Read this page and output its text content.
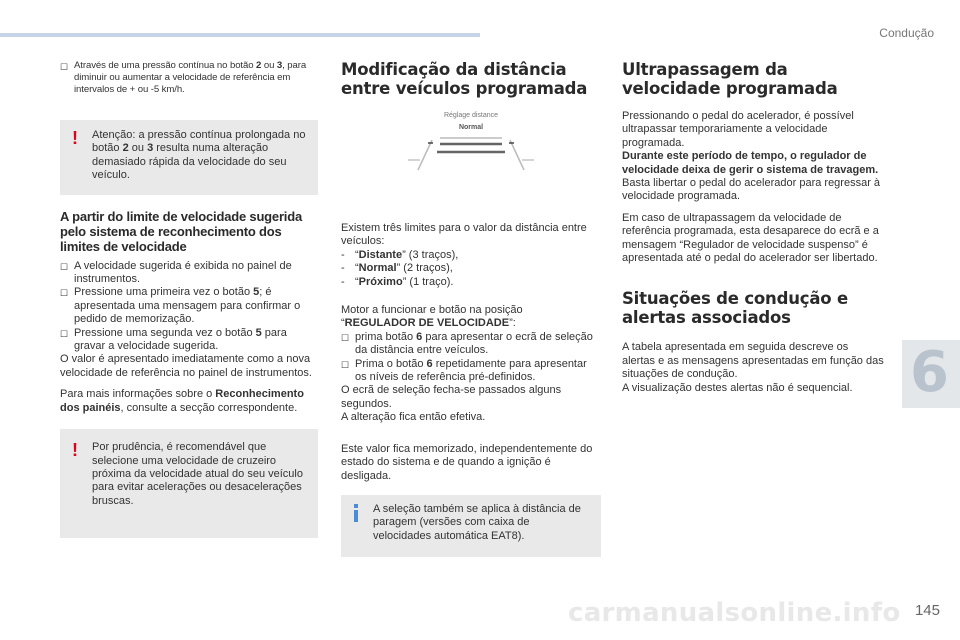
Condução
☐ Através de uma pressão contínua no botão 2 ou 3, para diminuir ou aumentar a velocidade de referência em intervalos de + ou -5 km/h.
! Atenção: a pressão contínua prolongada no botão 2 ou 3 resulta numa alteração demasiado rápida da velocidade do seu veículo.

A partir do limite de velocidade sugerida pelo sistema de reconhecimento dos limites de velocidade
☐ A velocidade sugerida é exibida no painel de instrumentos.
☐ Pressione uma primeira vez o botão 5; é apresentada uma mensagem para confirmar o pedido de memorização.
☐ Pressione uma segunda vez o botão 5 para gravar a velocidade sugerida.

O valor é apresentado imediatamente como a nova velocidade de referência no painel de instrumentos.

Para mais informações sobre o Reconhecimento dos painéis, consulte a secção correspondente.

! Por prudência, é recomendável que selecione uma velocidade de cruzeiro próxima da velocidade atual do seu veículo para evitar acelerações ou desacelerações bruscas.

Modificação da distância entre veículos programada
Réglage distance
Normal

Existem três limites para o valor da distância entre veículos:

- “Distante” (3 traços),
- “Normal” (2 traços),
- “Próximo” (1 traço).

Motor a funcionar e botão na posição
“REGULADOR DE VELOCIDADE”:

☐ prima botão 6 para apresentar o ecrã de seleção da distância entre veículos.
☐ Prima o botão 6 repetidamente para apresentar os níveis de referência pré-definidos.

O ecrã de seleção fecha-se passados alguns segundos.

A alteração fica então efetiva.

Este valor fica memorizado, independentemente do estado do sistema e de quando a ignição é desligada.

A seleção também se aplica à distância de paragem (versões com caixa de velocidades automática EAT8).

Ultrapassagem da velocidade programada

Pressionando o pedal do acelerador, é possível ultrapassar temporariamente a velocidade programada.
Durante este período de tempo, o regulador de velocidade deixa de gerir o sistema de travagem.
Basta libertar o pedal do acelerador para regressar à velocidade programada.

Em caso de ultrapassagem da velocidade de referência programada, esta desaparece do ecrã e a mensagem “Regulador de velocidade suspenso” é apresentada até o pedal do acelerador ser libertado.

Situações de condução e alertas associados

A tabela apresentada em seguida descreve os alertas e as mensagens apresentadas em função das situações de condução.

A visualização destes alertas não é sequencial.	6
carmanualsonline.info 145
